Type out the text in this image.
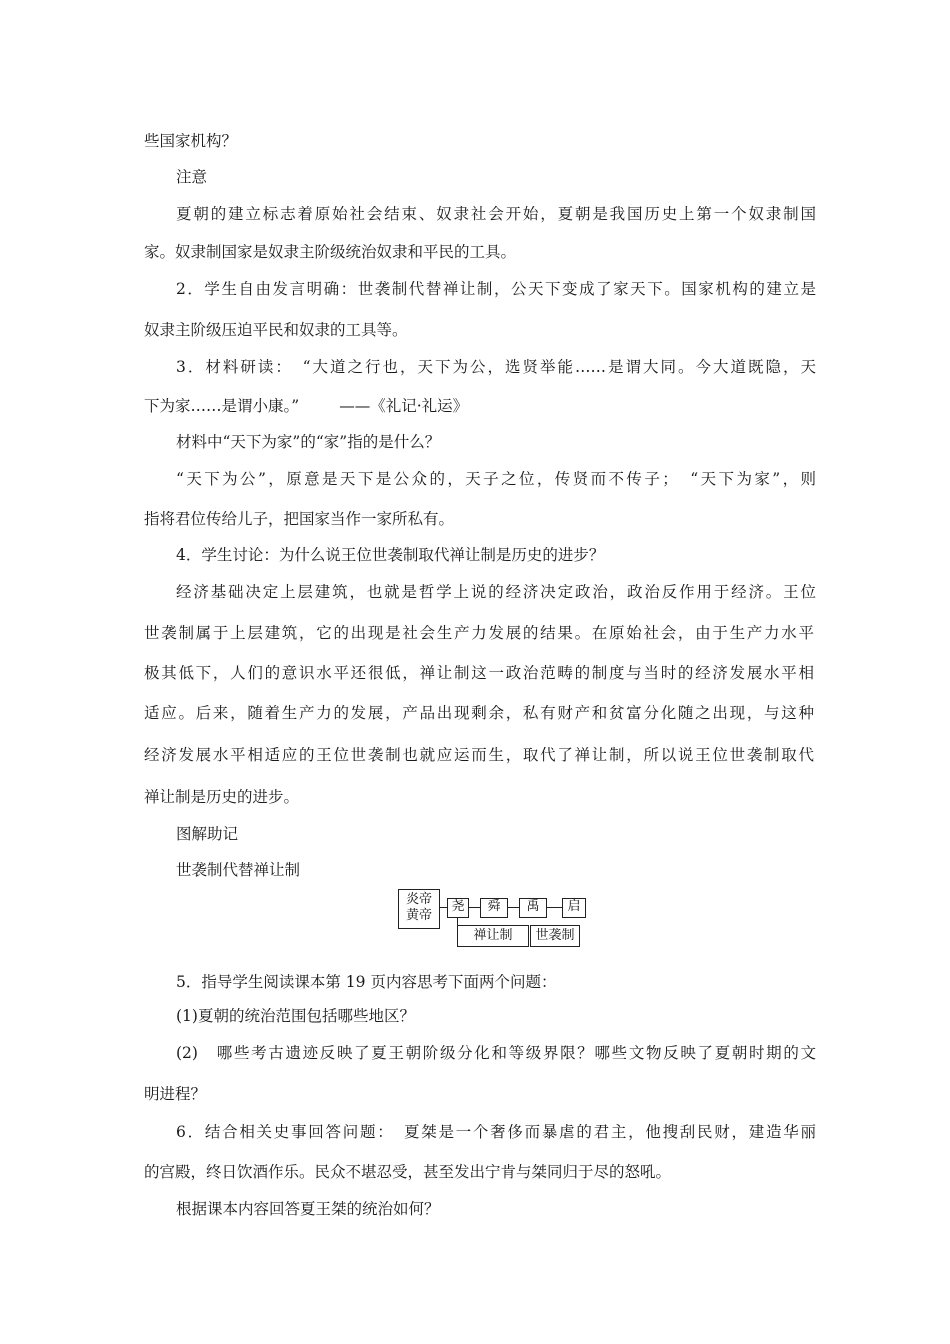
些国家机构？
注意
夏朝的建立标志着原始社会结束、奴隶社会开始，夏朝是我国历史上第一个奴隶制国
家。奴隶制国家是奴隶主阶级统治奴隶和平民的工具。
2．学生自由发言明确：世袭制代替禅让制，公天下变成了家天下。国家机构的建立是
奴隶主阶级压迫平民和奴隶的工具等。
3．材料研读：　“大道之行也，天下为公，选贤举能……是谓大同。今大道既隐，天
下为家……是谓小康。”	——《礼记·礼运》
材料中“天下为家”的“家”指的是什么？
“天下为公”，原意是天下是公众的，天子之位，传贤而不传子；　“天下为家”，则
指将君位传给儿子，把国家当作一家所私有。
4．学生讨论：为什么说王位世袭制取代禅让制是历史的进步？
经济基础决定上层建筑，也就是哲学上说的经济决定政治，政治反作用于经济。王位
世袭制属于上层建筑，它的出现是社会生产力发展的结果。在原始社会，由于生产力水平
极其低下，人们的意识水平还很低，禅让制这一政治范畴的制度与当时的经济发展水平相
适应。后来，随着生产力的发展，产品出现剩余，私有财产和贫富分化随之出现，与这种
经济发展水平相适应的王位世袭制也就应运而生，取代了禅让制，所以说王位世袭制取代
禅让制是历史的进步。
图解助记
世袭制代替禅让制
炎帝
黄帝
尧	舜	禹	启
禅让制	世袭制
5．指导学生阅读课本第 19 页内容思考下面两个问题：
(1)夏朝的统治范围包括哪些地区？
(2)　哪些考古遗迹反映了夏王朝阶级分化和等级界限？哪些文物反映了夏朝时期的文
明进程？
6．结合相关史事回答问题：　夏桀是一个奢侈而暴虐的君主，他搜刮民财，建造华丽
的宫殿，终日饮酒作乐。民众不堪忍受，甚至发出宁肯与桀同归于尽的怒吼。
根据课本内容回答夏王桀的统治如何？
